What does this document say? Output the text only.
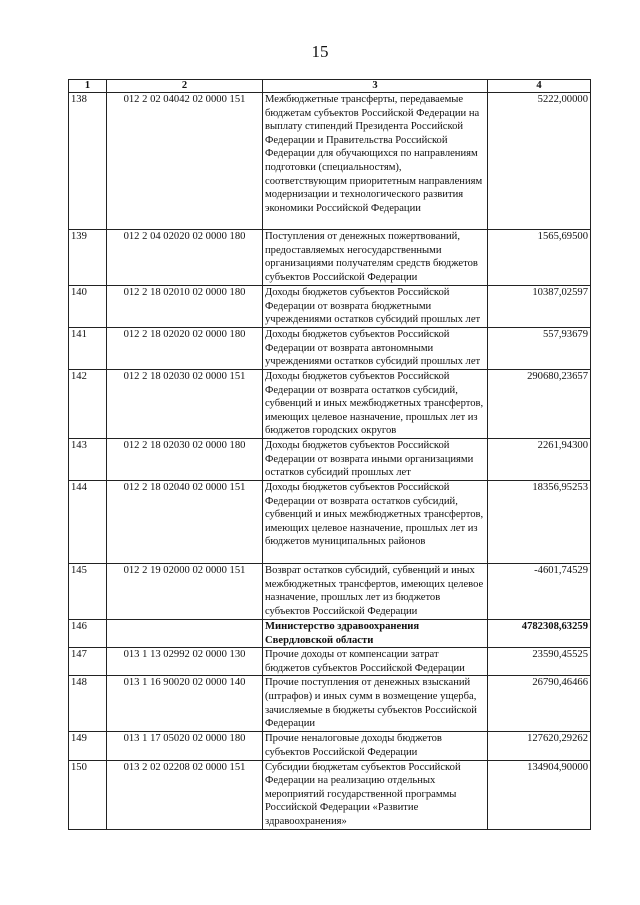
15
1	2	3	4
138	012 2 02 04042 02 0000 151	Межбюджетные трансферты, передаваемые бюджетам субъектов Российской Федерации на выплату стипендий Президента Российской Федерации и Правительства Российской Федерации для обучающихся по направлениям подготовки (специальностям), соответствующим приоритетным направлениям модернизации и технологического развития экономики Российской Федерации	5222,00000
139	012 2 04 02020 02 0000 180	Поступления от денежных пожертвований, предоставляемых негосударственными организациями получателям средств бюджетов субъектов Российской Федерации	1565,69500
140	012 2 18 02010 02 0000 180	Доходы бюджетов субъектов Российской Федерации от возврата бюджетными учреждениями остатков субсидий прошлых лет	10387,02597
141	012 2 18 02020 02 0000 180	Доходы бюджетов субъектов Российской Федерации от возврата автономными учреждениями остатков субсидий прошлых лет	557,93679
142	012 2 18 02030 02 0000 151	Доходы бюджетов субъектов Российской Федерации от возврата остатков субсидий, субвенций и иных межбюджетных трансфертов, имеющих целевое назначение, прошлых лет из бюджетов городских округов	290680,23657
143	012 2 18 02030 02 0000 180	Доходы бюджетов субъектов Российской Федерации от возврата иными организациями остатков субсидий прошлых лет	2261,94300
144	012 2 18 02040 02 0000 151	Доходы бюджетов субъектов Российской Федерации от возврата остатков субсидий, субвенций и иных межбюджетных трансфертов, имеющих целевое назначение, прошлых лет из бюджетов муниципальных районов	18356,95253
145	012 2 19 02000 02 0000 151	Возврат остатков субсидий, субвенций и иных межбюджетных трансфертов, имеющих целевое назначение, прошлых лет из бюджетов субъектов Российской Федерации	-4601,74529
146		Министерство здравоохранения Свердловской области	4782308,63259
147	013 1 13 02992 02 0000 130	Прочие доходы от компенсации затрат бюджетов субъектов Российской Федерации	23590,45525
148	013 1 16 90020 02 0000 140	Прочие поступления от денежных взысканий (штрафов) и иных сумм в возмещение ущерба, зачисляемые в бюджеты субъектов Российской Федерации	26790,46466
149	013 1 17 05020 02 0000 180	Прочие неналоговые доходы бюджетов субъектов Российской Федерации	127620,29262
150	013 2 02 02208 02 0000 151	Субсидии бюджетам субъектов Российской Федерации на реализацию отдельных мероприятий государственной программы Российской Федерации «Развитие здравоохранения»	134904,90000
